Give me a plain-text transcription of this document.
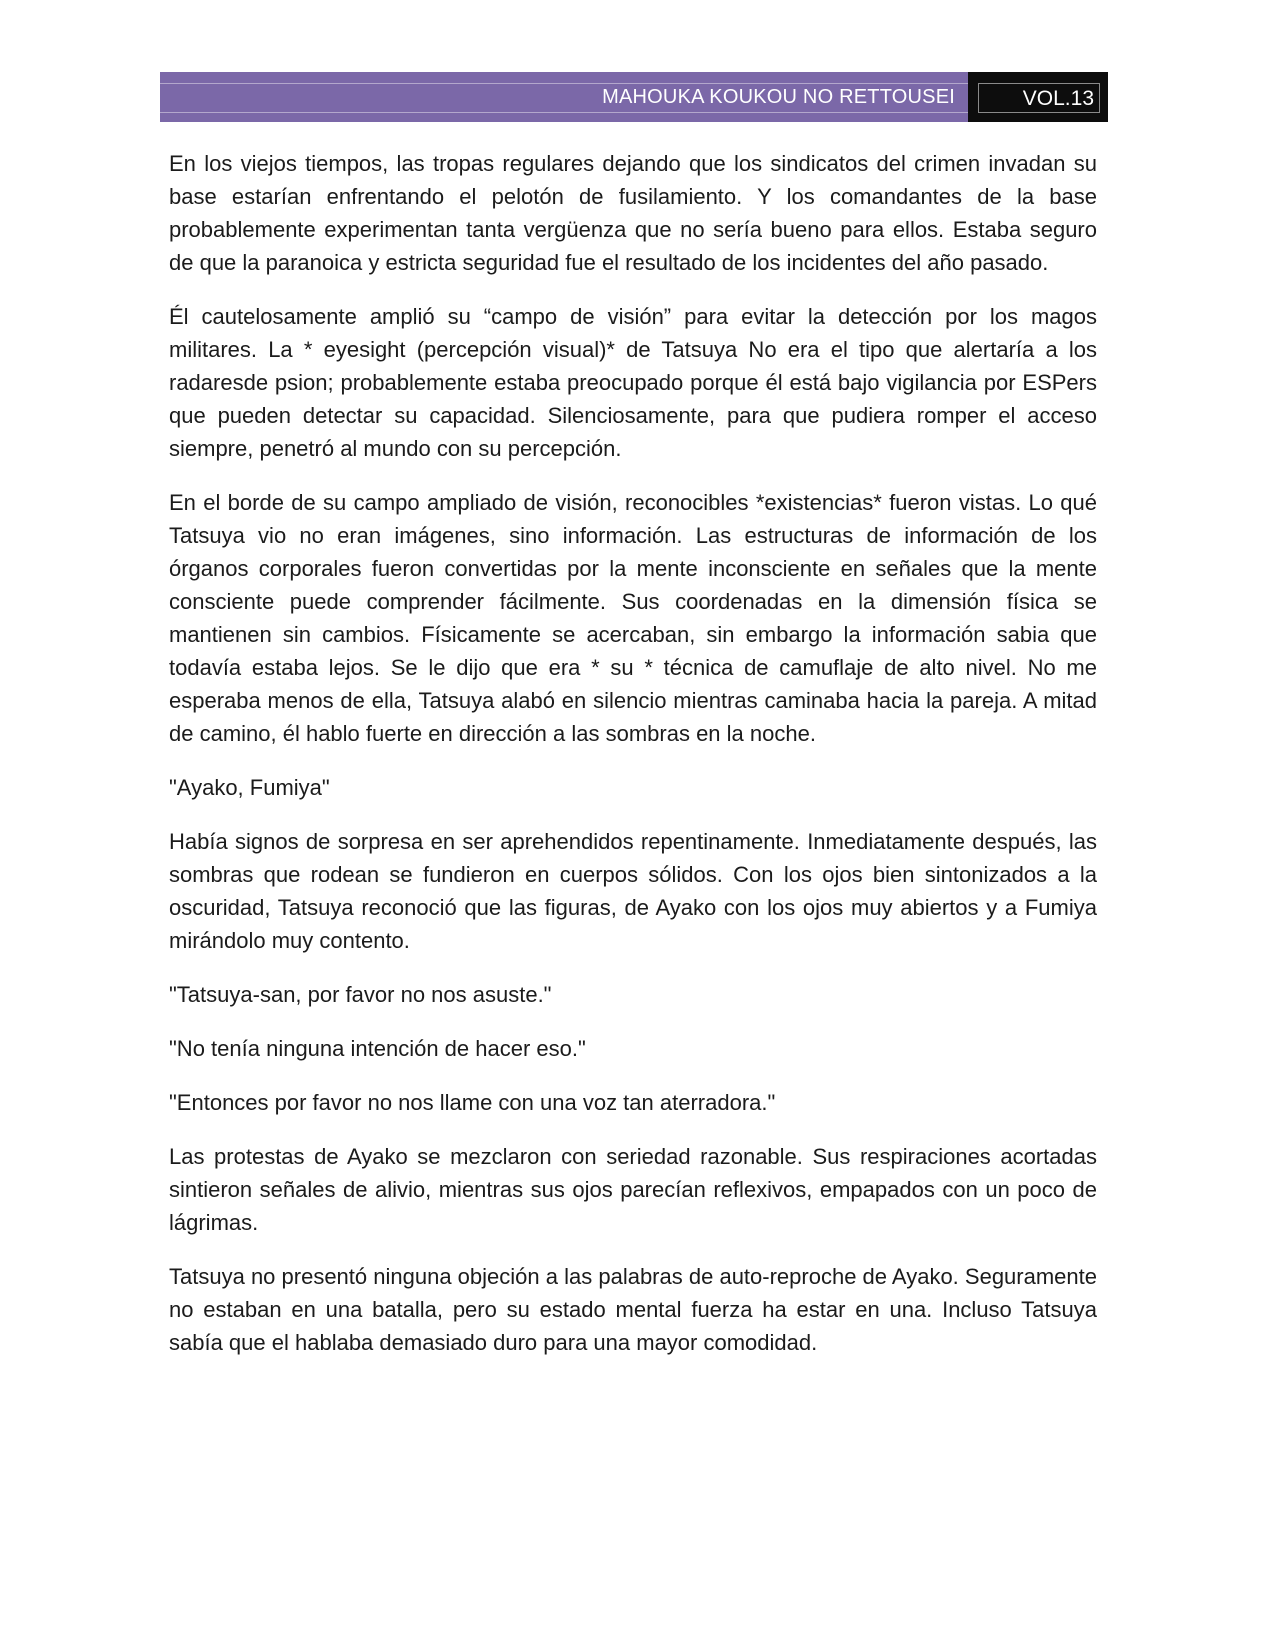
MAHOUKA KOUKOU NO RETTOUSEI	VOL.13

En los viejos tiempos, las tropas regulares dejando que los sindicatos del crimen invadan su base estarían enfrentando el pelotón de fusilamiento. Y los comandantes de la base probablemente experimentan tanta vergüenza que no sería bueno para ellos. Estaba seguro de que la paranoica y estricta seguridad fue el resultado de los incidentes del año pasado.

Él cautelosamente amplió su “campo de visión” para evitar la detección por los magos militares. La * eyesight (percepción visual)* de Tatsuya No era el tipo que alertaría a los radaresde psion; probablemente estaba preocupado porque él está bajo vigilancia por ESPers que pueden detectar su capacidad. Silenciosamente, para que pudiera romper el acceso siempre, penetró al mundo con su percepción.

En el borde de su campo ampliado de visión, reconocibles *existencias* fueron vistas. Lo qué Tatsuya vio no eran imágenes, sino información. Las estructuras de información de los órganos corporales fueron convertidas por la mente inconsciente en señales que la mente consciente puede comprender fácilmente. Sus coordenadas en la dimensión física se mantienen sin cambios. Físicamente se acercaban, sin embargo la información sabia que todavía estaba lejos. Se le dijo que era * su * técnica de camuflaje de alto nivel. No me esperaba menos de ella, Tatsuya alabó en silencio mientras caminaba hacia la pareja. A mitad de camino, él hablo fuerte en dirección a las sombras en la noche.

"Ayako, Fumiya"

Había signos de sorpresa en ser aprehendidos repentinamente. Inmediatamente después, las sombras que rodean se fundieron en cuerpos sólidos. Con los ojos bien sintonizados a la oscuridad, Tatsuya reconoció que las figuras, de Ayako con los ojos muy abiertos y a Fumiya mirándolo muy contento.

"Tatsuya-san, por favor no nos asuste."

"No tenía ninguna intención de hacer eso."

"Entonces por favor no nos llame con una voz tan aterradora."

Las protestas de Ayako se mezclaron con seriedad razonable. Sus respiraciones acortadas sintieron señales de alivio, mientras sus ojos parecían reflexivos, empapados con un poco de lágrimas.

Tatsuya no presentó ninguna objeción a las palabras de auto-reproche de Ayako. Seguramente no estaban en una batalla, pero su estado mental fuerza ha estar en una. Incluso Tatsuya sabía que el hablaba demasiado duro para una mayor comodidad.
